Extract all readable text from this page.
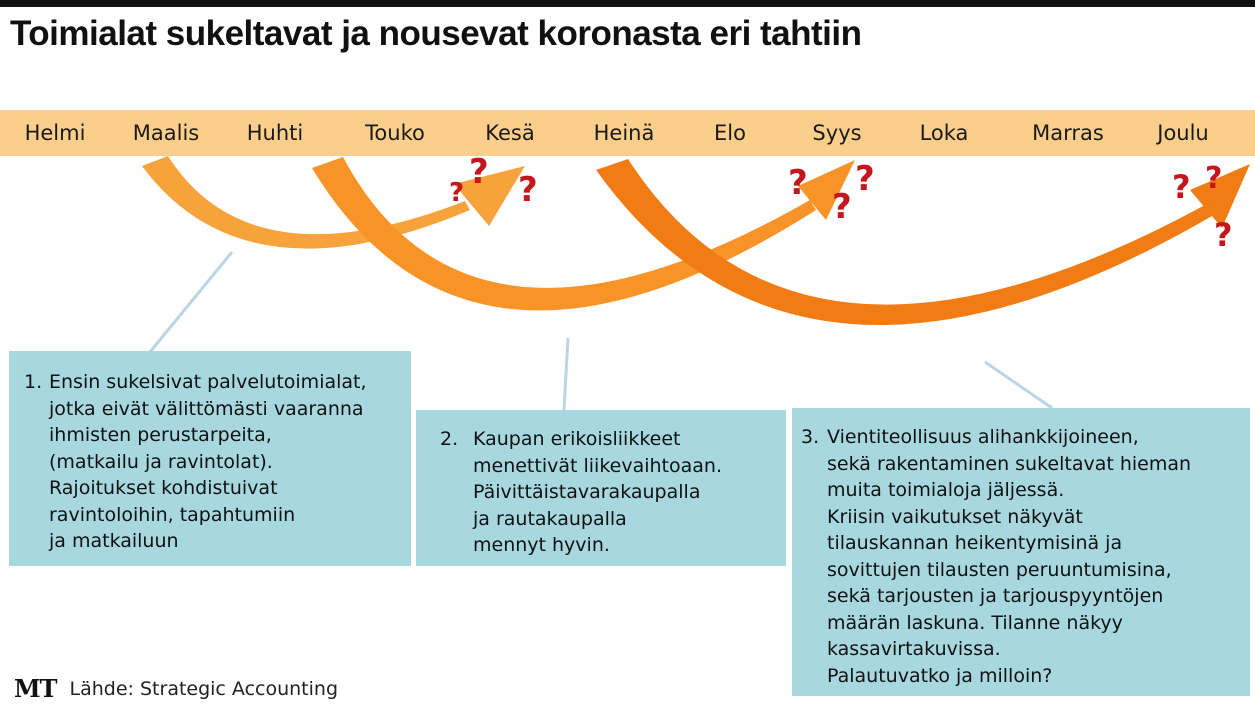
Toimialat sukeltavat ja nousevat koronasta eri tahtiin
Helmi Maalis Huhti	Touko	Kesä	Heinä	Elo	Syys	Loka	Marras	Joulu
?
? ?	? ?
?	? ?
?
1. Ensin sukelsivat palvelutoimialat,
jotka eivät välittömästi vaaranna
ihmisten perustarpeita,
(matkailu ja ravintolat).
Rajoitukset kohdistuivat
ravintoloihin, tapahtumiin
ja matkailuun
2. Kaupan erikoisliikkeet
menettivät liikevaihtoaan.
Päivittäistavarakaupalla
ja rautakaupalla
mennyt hyvin.
3. Vientiteollisuus alihankkijoineen,
sekä rakentaminen sukeltavat hieman
muita toimialoja jäljessä.
Kriisin vaikutukset näkyvät
tilauskannan heikentymisinä ja
sovittujen tilausten peruuntumisina,
sekä tarjousten ja tarjouspyyntöjen
määrän laskuna. Tilanne näkyy
kassavirtakuvissa.
Palautuvatko ja milloin?
MT Lähde: Strategic Accounting
